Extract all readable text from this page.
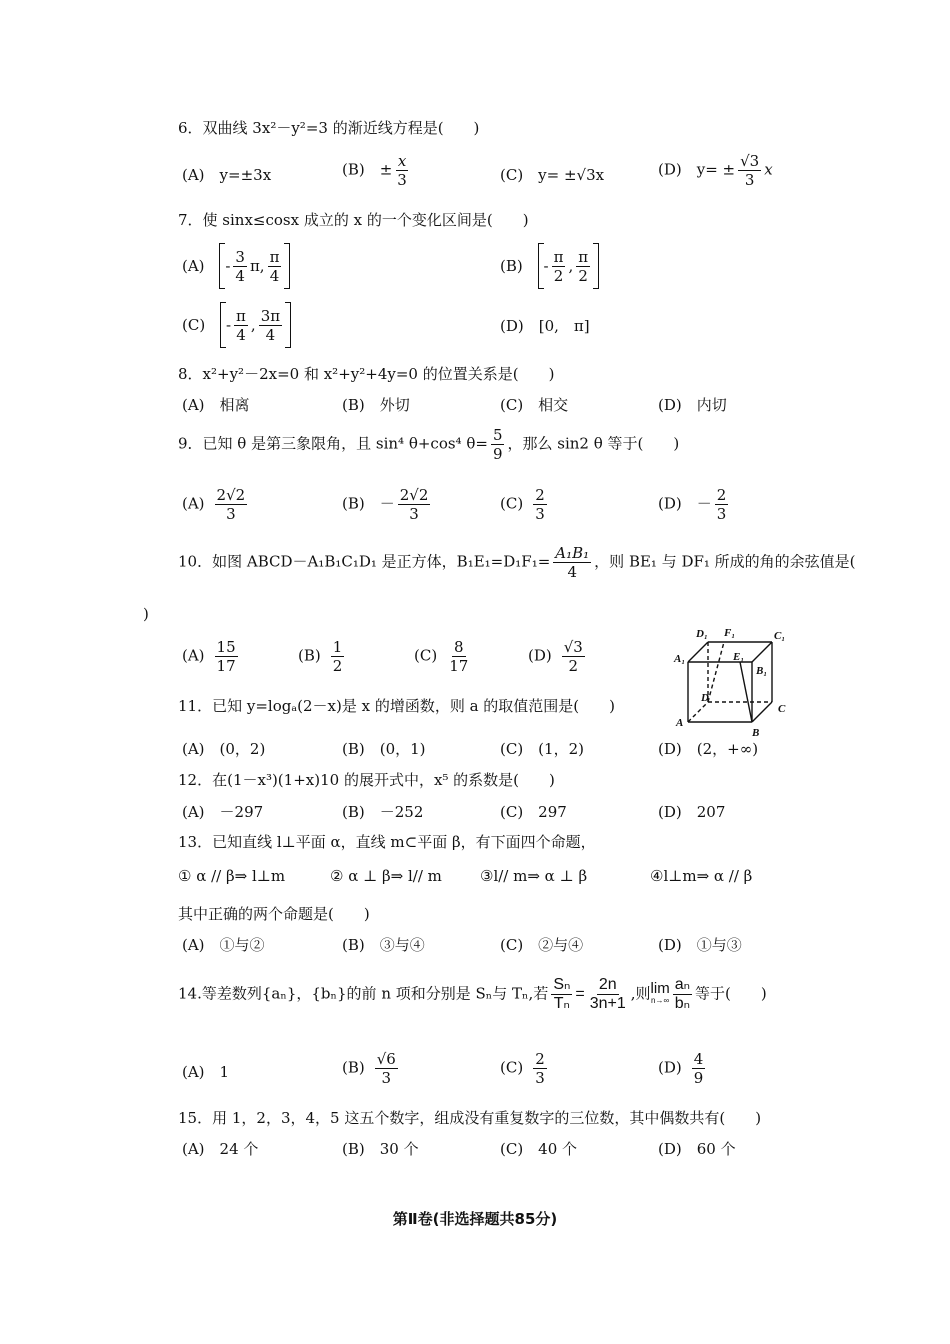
6．双曲线 3x²－y²=3 的渐近线方程是(　　)
(A)　y=±3x	(B)　± $\frac{x}{3}$	(C)　y= ±√3x	(D)　$y= \pm \frac{√3}{3}$ x
7．使 sinx≤cosx 成立的 x 的一个变化区间是(　　)
$(A) - \frac{3}{4} \pi$, $\frac{\pi}{4}$	$(B) - \frac{\pi}{2}$ , $\frac{\pi}{2}$
$(C) - \frac{\pi}{4}$ , $\frac{3\pi}{4}$	(D)　[0,　π]
8．x²+y²－2x=0 和 x²+y²+4y=0 的位置关系是(　　)
(A)　相离	(B)　外切	(C)　相交	(D)　内切
9．已知 θ 是第三象限角，且 sin⁴ θ+cos⁴ $\theta= \frac{5}{9}$ ，那么 sin2 θ 等于(　　)
$(A) \frac{2√2}{3}$	(B)　－ $\frac{2√2}{3}$	$(C) \frac{2}{3}$	(D)　－ $\frac{2}{3}$
10．如图 ABCD－A₁B₁C₁D₁ 是正方体，$B_1E_1=D_1F_1= \frac{\text{A₁B₁}}{4}$ ，则 BE₁ 与 DF₁ 所成的角的余弦值是(
)
$(A) \frac{15}{17}$	$(B) \frac{1}{2}$	$(C) \frac{8}{17}$	$(D) \frac{√3}{2}$
D₁ F₁	C₁
A₁	E₁
B₁
D
A
B
C
11．已知 y=logₐ(2－x)是 x 的增函数，则 a 的取值范围是(　　)
(A)　(0，2)	(B)　(0，1)	(C)　(1，2)	(D)　(2，+∞)
12．在(1－x³)(1+x)10 的展开式中，x⁵ 的系数是(　　)
(A)　－297	(B)　－252	(C)　297	(D)　207
13．已知直线 l⊥平面 α，直线 m⊂平面 β，有下面四个命题，
① α // β⇒ l⊥m	② α ⊥ β⇒ l// m	③l// m⇒ α ⊥ β	④l⊥m⇒ α // β
其中正确的两个命题是(　　)
(A)　①与②	(B)　③与④	(C)　②与④	(D)　①与③
14.等差数列{aₙ}，{bₙ}的前 n 项和分别是 Sₙ与 Tₙ,若 $\frac{\text{Sₙ}}{\text{Tₙ}} = \frac{2n}{3n+1}$ ,则 lim
$n\to\infty \frac{\text{aₙ}}{\text{bₙ}}$ 等于(　　)
(A)　1	$(B) \frac{√6}{3}$	$(C) \frac{2}{3}$	$(D) \frac{4}{9}$
15．用 1，2，3，4，5 这五个数字，组成没有重复数字的三位数，其中偶数共有(　　)
(A)　24 个	(B)　30 个	(C)　40 个	(D)　60 个
第Ⅱ卷(非选择题共85分)
